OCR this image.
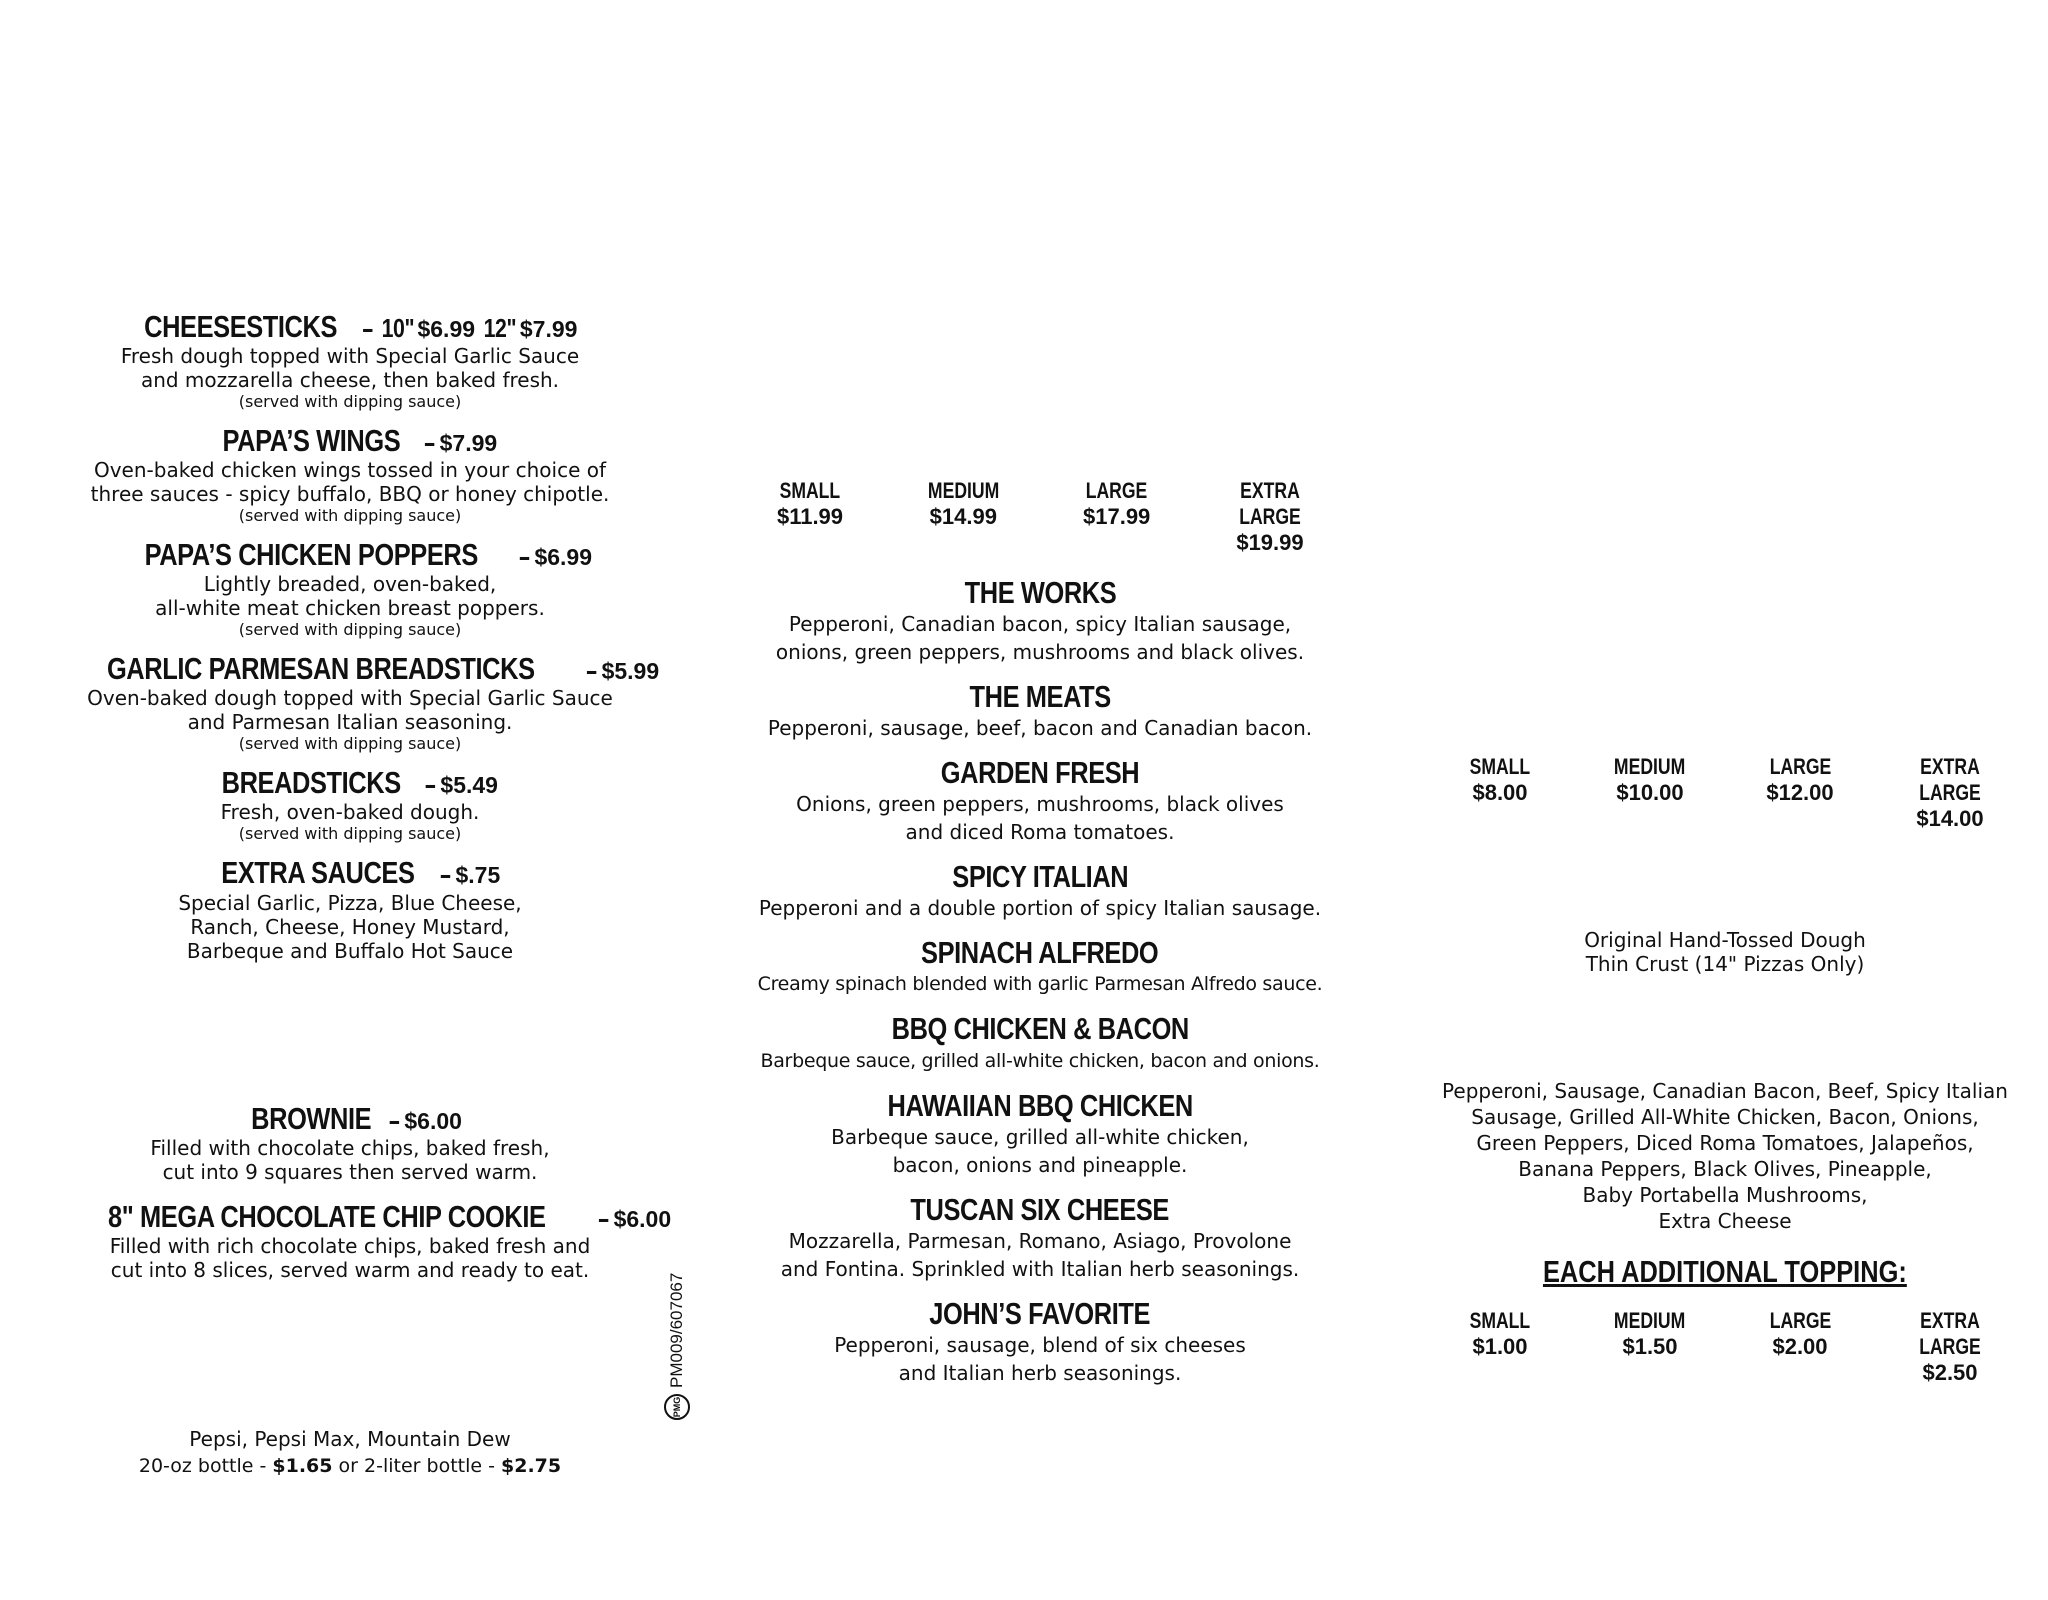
CHEESESTICKS – 10" $6.99 12" $7.99

Fresh dough topped with Special Garlic Sauce

and mozzarella cheese, then baked fresh.

(served with dipping sauce)

PAPA’S WINGS – $7.99

Oven-baked chicken wings tossed in your choice of

three sauces - spicy buffalo, BBQ or honey chipotle.

(served with dipping sauce)

PAPA’S CHICKEN POPPERS – $6.99

Lightly breaded, oven-baked,

all-white meat chicken breast poppers.

(served with dipping sauce)

GARLIC PARMESAN BREADSTICKS – $5.99

Oven-baked dough topped with Special Garlic Sauce

and Parmesan Italian seasoning.

(served with dipping sauce)

BREADSTICKS – $5.49

Fresh, oven-baked dough.

(served with dipping sauce)

EXTRA SAUCES – $.75

Special Garlic, Pizza, Blue Cheese,

Ranch, Cheese, Honey Mustard,

Barbeque and Buffalo Hot Sauce

BROWNIE – $6.00

Filled with chocolate chips, baked fresh,

cut into 9 squares then served warm.

8" MEGA CHOCOLATE CHIP COOKIE – $6.00

Filled with rich chocolate chips, baked fresh and

cut into 8 slices, served warm and ready to eat.

Pepsi, Pepsi Max, Mountain Dew

20-oz bottle - $1.65 or 2-liter bottle - $2.75

PMG
PM009/607067
SMALL
$11.99
MEDIUM
$14.99
LARGE
$17.99
EXTRA LARGE
$19.99
THE WORKS

Pepperoni, Canadian bacon, spicy Italian sausage,

onions, green peppers, mushrooms and black olives.

THE MEATS

Pepperoni, sausage, beef, bacon and Canadian bacon.

GARDEN FRESH

Onions, green peppers, mushrooms, black olives

and diced Roma tomatoes.

SPICY ITALIAN

Pepperoni and a double portion of spicy Italian sausage.

SPINACH ALFREDO

Creamy spinach blended with garlic Parmesan Alfredo sauce.

BBQ CHICKEN & BACON

Barbeque sauce, grilled all-white chicken, bacon and onions.

HAWAIIAN BBQ CHICKEN

Barbeque sauce, grilled all-white chicken,

bacon, onions and pineapple.

TUSCAN SIX CHEESE

Mozzarella, Parmesan, Romano, Asiago, Provolone

and Fontina. Sprinkled with Italian herb seasonings.

JOHN’S FAVORITE

Pepperoni, sausage, blend of six cheeses

and Italian herb seasonings.

SMALL
$8.00
MEDIUM
$10.00
LARGE
$12.00
EXTRA LARGE
$14.00

Original Hand-Tossed Dough

Thin Crust (14" Pizzas Only)

Pepperoni, Sausage, Canadian Bacon, Beef, Spicy Italian

Sausage, Grilled All-White Chicken, Bacon, Onions,

Green Peppers, Diced Roma Tomatoes, Jalapeños,

Banana Peppers, Black Olives, Pineapple,

Baby Portabella Mushrooms,

Extra Cheese

EACH ADDITIONAL TOPPING:
SMALL
$1.00
MEDIUM
$1.50
LARGE
$2.00
EXTRA LARGE
$2.50
